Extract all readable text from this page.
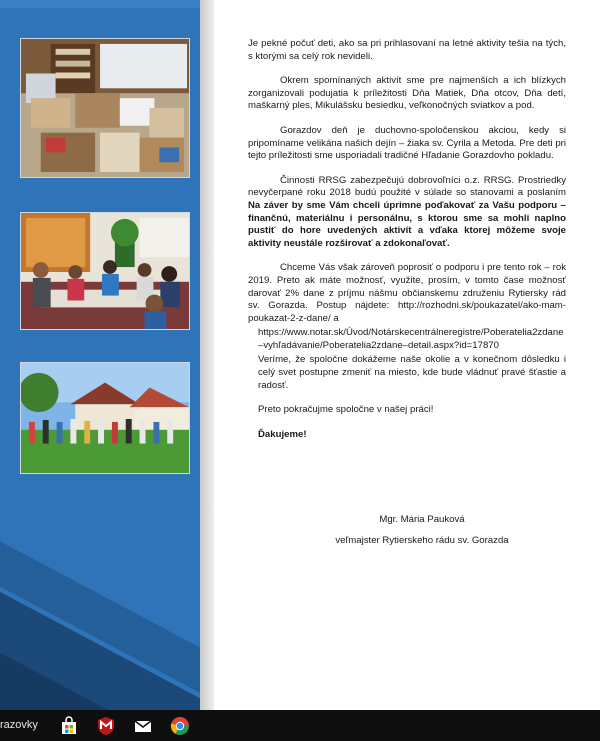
Je pekné počuť deti, ako sa pri prihlasovaní na letné aktivity tešia na tých, s ktorými sa celý rok nevideli.

Okrem spomínaných aktivít sme pre najmenších a ich blízkych zorganizovali podujatia k príležitosti Dňa Matiek, Dňa otcov, Dňa detí, maškarný ples, Mikulášsku besiedku, veľkonočných sviatkov a pod.

Gorazdov deň je duchovno-spoločenskou akciou, kedy si pripomíname velikána našich dejín – žiaka sv. Cyrila a Metoda. Pre deti pri tejto príležitosti sme usporiadali tradičné Hľadanie Gorazdovho pokladu.

Činnosti RRSG zabezpečujú dobrovoľníci o.z. RRSG. Prostriedky nevyčerpané roku 2018 budú použité v súlade so stanovami a poslaním Na záver by sme Vám chceli úprimne poďakovať za Vašu podporu – finančnú, materiálnu i personálnu, s ktorou sme sa mohli naplno pustiť do hore uvedených aktivít a vďaka ktorej môžeme svoje aktivity neustále rozširovať a zdokonaľovať.

Chceme Vás však zároveň poprosiť o podporu i pre tento rok – rok 2019. Preto ak máte možnosť, využite, prosím, v tomto čase možnosť darovať 2% dane z príjmu nášmu občianskemu združeniu Rytiersky rád sv. Gorazda. Postup nájdete: http://rozhodni.sk/poukazatel/ako-mam-poukazat-2-z-dane/ a

https://www.notar.sk/Úvod/Notárskecentrálneregistre/Poberatelia2zdane–vyhľadávanie/Poberatelia2zdane–detail.aspx?id=17870

Veríme, že spoločne dokážeme naše okolie a v konečnom dôsledku i celý svet postupne zmeniť na miesto, kde bude vládnuť pravé šťastie a radosť.

Preto pokračujme spoločne v našej práci!

Ďakujeme!

Mgr. Mária Pauková
veľmajster Rytierskeho rádu sv. Gorazda
razovky
